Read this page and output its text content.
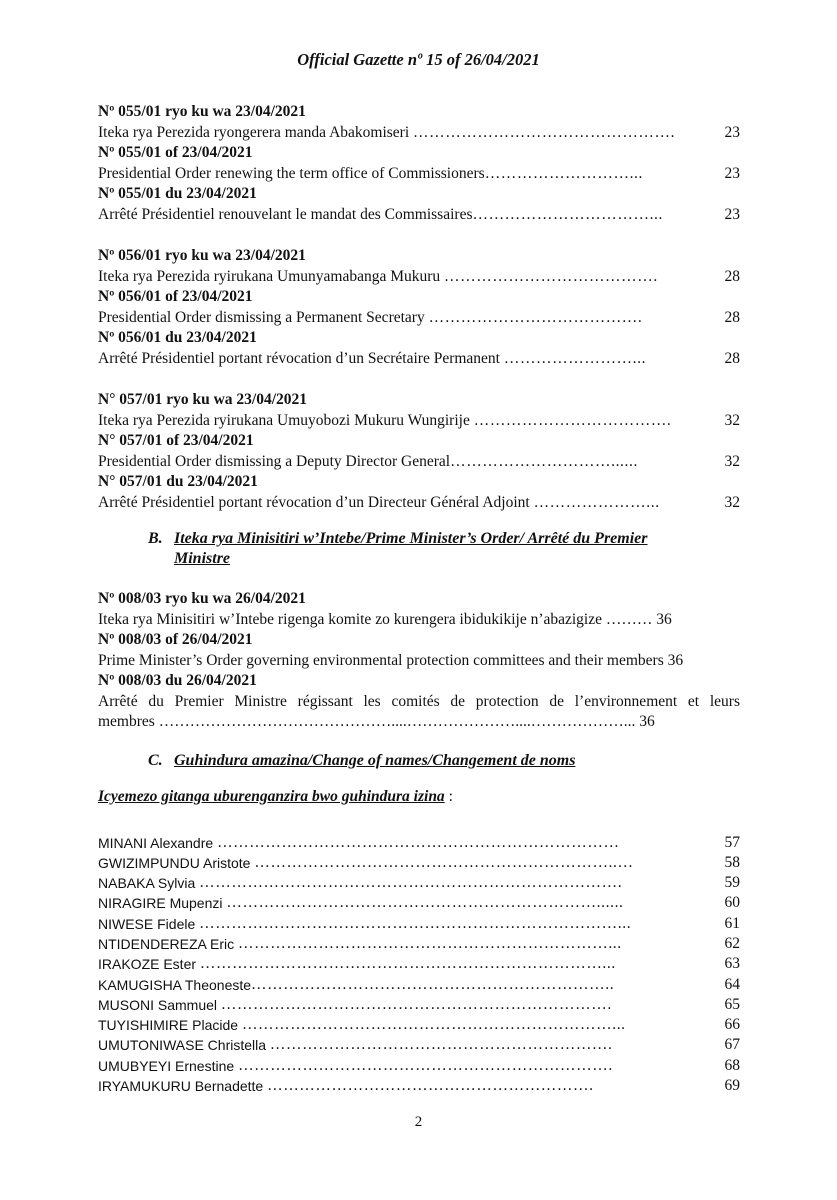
Official Gazette nº 15 of 26/04/2021
Nº 055/01 ryo ku wa 23/04/2021
Iteka rya Perezida ryongerera manda Abakomiseri ………………………………………….	23
Nº 055/01 of 23/04/2021
Presidential Order renewing the term office of Commissioners ………………………...	23
Nº 055/01 du 23/04/2021
Arrêté Présidentiel renouvelant le mandat des Commissaires ……………………………...	23
Nº 056/01 ryo ku wa 23/04/2021
Iteka rya Perezida ryirukana Umunyamabanga Mukuru ………………………………….	28
Nº 056/01 of 23/04/2021
Presidential Order dismissing a Permanent Secretary ………………………………….	28
Nº 056/01 du 23/04/2021
Arrêté Présidentiel portant révocation d’un Secrétaire Permanent ……………………...	28
N° 057/01 ryo ku wa 23/04/2021
Iteka rya Perezida ryirukana Umuyobozi Mukuru Wungirije ……………………………….	32
N° 057/01 of 23/04/2021
Presidential Order dismissing a Deputy Director General …………………………......	32
N° 057/01 du 23/04/2021
Arrêté Présidentiel portant révocation d’un Directeur Général Adjoint …………………...	32
B. Iteka rya Minisitiri w’Intebe/Prime Minister’s Order/ Arrêté du Premier
Ministre
Nº 008/03 ryo ku wa 26/04/2021
Iteka rya Minisitiri w’Intebe rigenga komite zo kurengera ibidukikije n’abazigize ……… 36
Nº 008/03 of 26/04/2021
Prime Minister’s Order governing environmental protection committees and their members 36
Nº 008/03 du 26/04/2021
Arrêté du Premier Ministre régissant les comités de protection de l’environnement et leurs
membres ………………………………………....…………………....………………... 36
C. Guhindura amazina/Change of names/Changement de noms
Icyemezo gitanga uburenganzira bwo guhindura izina :
MINANI Alexandre …………………………………………………………………	57
GWIZIMPUNDU Aristote …………………………………………………………..…	58
NABAKA Sylvia …………………………………………………………………….	59
NIRAGIRE Mupenzi ……………………………………………………………......	60
NIWESE Fidele ……………………………………………………………………...	61
NTIDENDEREZA Eric ……………………………………………………………...	62
IRAKOZE Ester …………………………………………………………………...	63
KAMUGISHA Theoneste …………………………………………………………..	64
MUSONI Sammuel ……………………………………………………………….	65
TUYISHIMIRE Placide ……………………………………………………………...	66
UMUTONIWASE Christella ……………………………………………………….	67
UMUBYEYI Ernestine …………………………………………………………….	68
IRYAMUKURU Bernadette …………………………………………………….	69
2
